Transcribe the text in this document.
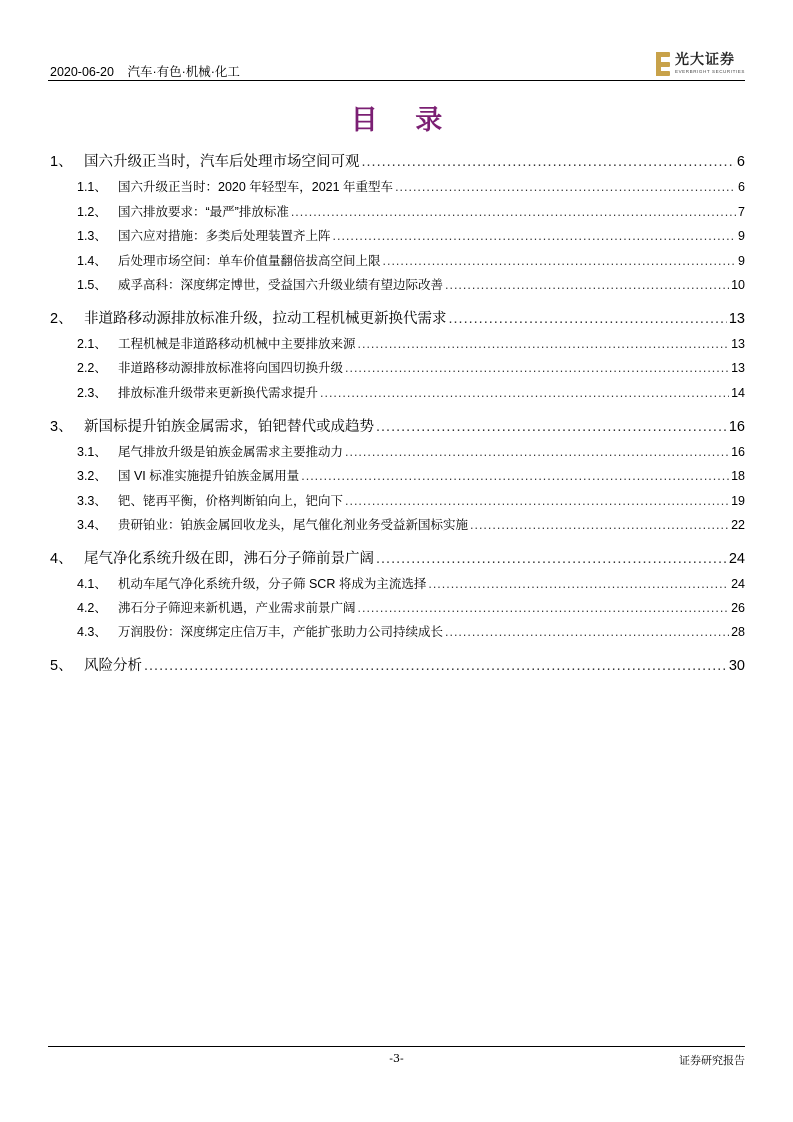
2020-06-20 汽车·有色·机械·化工
光大证券
EVERBRIGHT SECURITIES
目 录
1、 国六升级正当时，汽车后处理市场空间可观 .....	6
1.1、 国六升级正当时：2020 年轻型车，2021 年重型车 .....	6
1.2、 国六排放要求：“最严”排放标准 .....	7
1.3、 国六应对措施：多类后处理装置齐上阵 .....	9
1.4、 后处理市场空间：单车价值量翻倍拔高空间上限 .....	9
1.5、 威孚高科：深度绑定博世，受益国六升级业绩有望边际改善 .....	10
2、 非道路移动源排放标准升级，拉动工程机械更新换代需求 .....	13
2.1、 工程机械是非道路移动机械中主要排放来源 .....	13
2.2、 非道路移动源排放标准将向国四切换升级 .....	13
2.3、 排放标准升级带来更新换代需求提升 .....	14
3、 新国标提升铂族金属需求，铂钯替代或成趋势 .....	16
3.1、 尾气排放升级是铂族金属需求主要推动力 .....	16
3.2、 国 VI 标准实施提升铂族金属用量 .....	18
3.3、 钯、铑再平衡，价格判断铂向上，钯向下 .....	19
3.4、 贵研铂业：铂族金属回收龙头，尾气催化剂业务受益新国标实施 .....	22
4、 尾气净化系统升级在即，沸石分子筛前景广阔 .....	24
4.1、 机动车尾气净化系统升级，分子筛 SCR 将成为主流选择 .....	24
4.2、 沸石分子筛迎来新机遇，产业需求前景广阔 .....	26
4.3、 万润股份：深度绑定庄信万丰，产能扩张助力公司持续成长 .....	28
5、 风险分析 .....	30
-3-	证券研究报告
